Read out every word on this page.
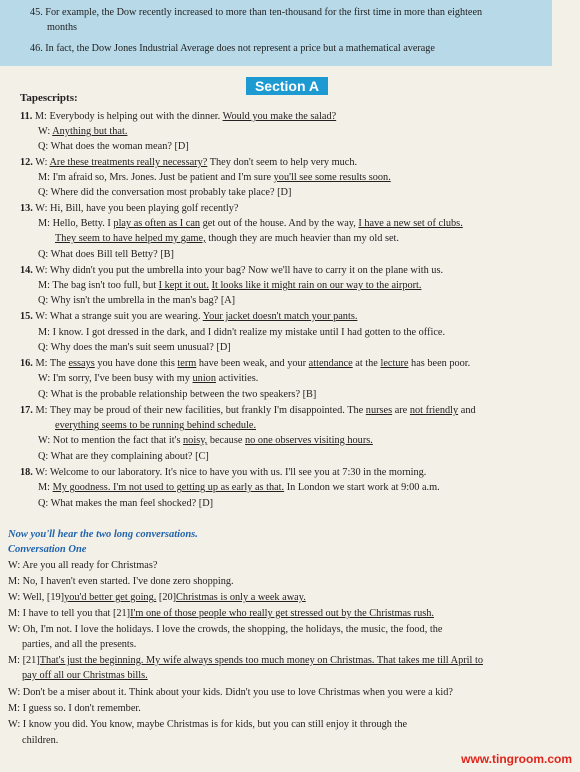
45. For example, the Dow recently increased to more than ten-thousand for the first time in more than eighteen
months
46. In fact, the Dow Jones Industrial Average does not represent a price but a mathematical average
Section A
Tapescripts:
11. M: Everybody is helping out with the dinner. Would you make the salad?
W: Anything but that.
Q: What does the woman mean? [D]
12. W: Are these treatments really necessary? They don't seem to help very much.
M: I'm afraid so, Mrs. Jones. Just be patient and I'm sure you'll see some results soon.
Q: Where did the conversation most probably take place? [D]
13. W: Hi, Bill, have you been playing golf recently?
M: Hello, Betty. I play as often as I can get out of the house. And by the way, I have a new set of clubs.
They seem to have helped my game, though they are much heavier than my old set.
Q: What does Bill tell Betty? [B]
14. W: Why didn't you put the umbrella into your bag? Now we'll have to carry it on the plane with us.
M: The bag isn't too full, but I kept it out. It looks like it might rain on our way to the airport.
Q: Why isn't the umbrella in the man's bag? [A]
15. W: What a strange suit you are wearing. Your jacket doesn't match your pants.
M: I know. I got dressed in the dark, and I didn't realize my mistake until I had gotten to the office.
Q: Why does the man's suit seem unusual? [D]
16. M: The essays you have done this term have been weak, and your attendance at the lecture has been poor.
W: I'm sorry, I've been busy with my union activities.
Q: What is the probable relationship between the two speakers? [B]
17. M: They may be proud of their new facilities, but frankly I'm disappointed. The nurses are not friendly and
everything seems to be running behind schedule.
W: Not to mention the fact that it's noisy, because no one observes visiting hours.
Q: What are they complaining about? [C]
18. W: Welcome to our laboratory. It's nice to have you with us. I'll see you at 7:30 in the morning.
M: My goodness. I'm not used to getting up as early as that. In London we start work at 9:00 a.m.
Q: What makes the man feel shocked? [D]
Now you'll hear the two long conversations.
Conversation One
W: Are you all ready for Christmas?
M: No, I haven't even started. I've done zero shopping.
W: Well, [19]you'd better get going. [20]Christmas is only a week away.
M: I have to tell you that [21]I'm one of those people who really get stressed out by the Christmas rush.
W: Oh, I'm not. I love the holidays. I love the crowds, the shopping, the holidays, the music, the food, the
parties, and all the presents.
M: [21]That's just the beginning. My wife always spends too much money on Christmas. That takes me till April to
pay off all our Christmas bills.
W: Don't be a miser about it. Think about your kids. Didn't you use to love Christmas when you were a kid?
M: I guess so. I don't remember.
W: I know you did. You know, maybe Christmas is for kids, but you can still enjoy it through the
children.
www.tingroom.com
